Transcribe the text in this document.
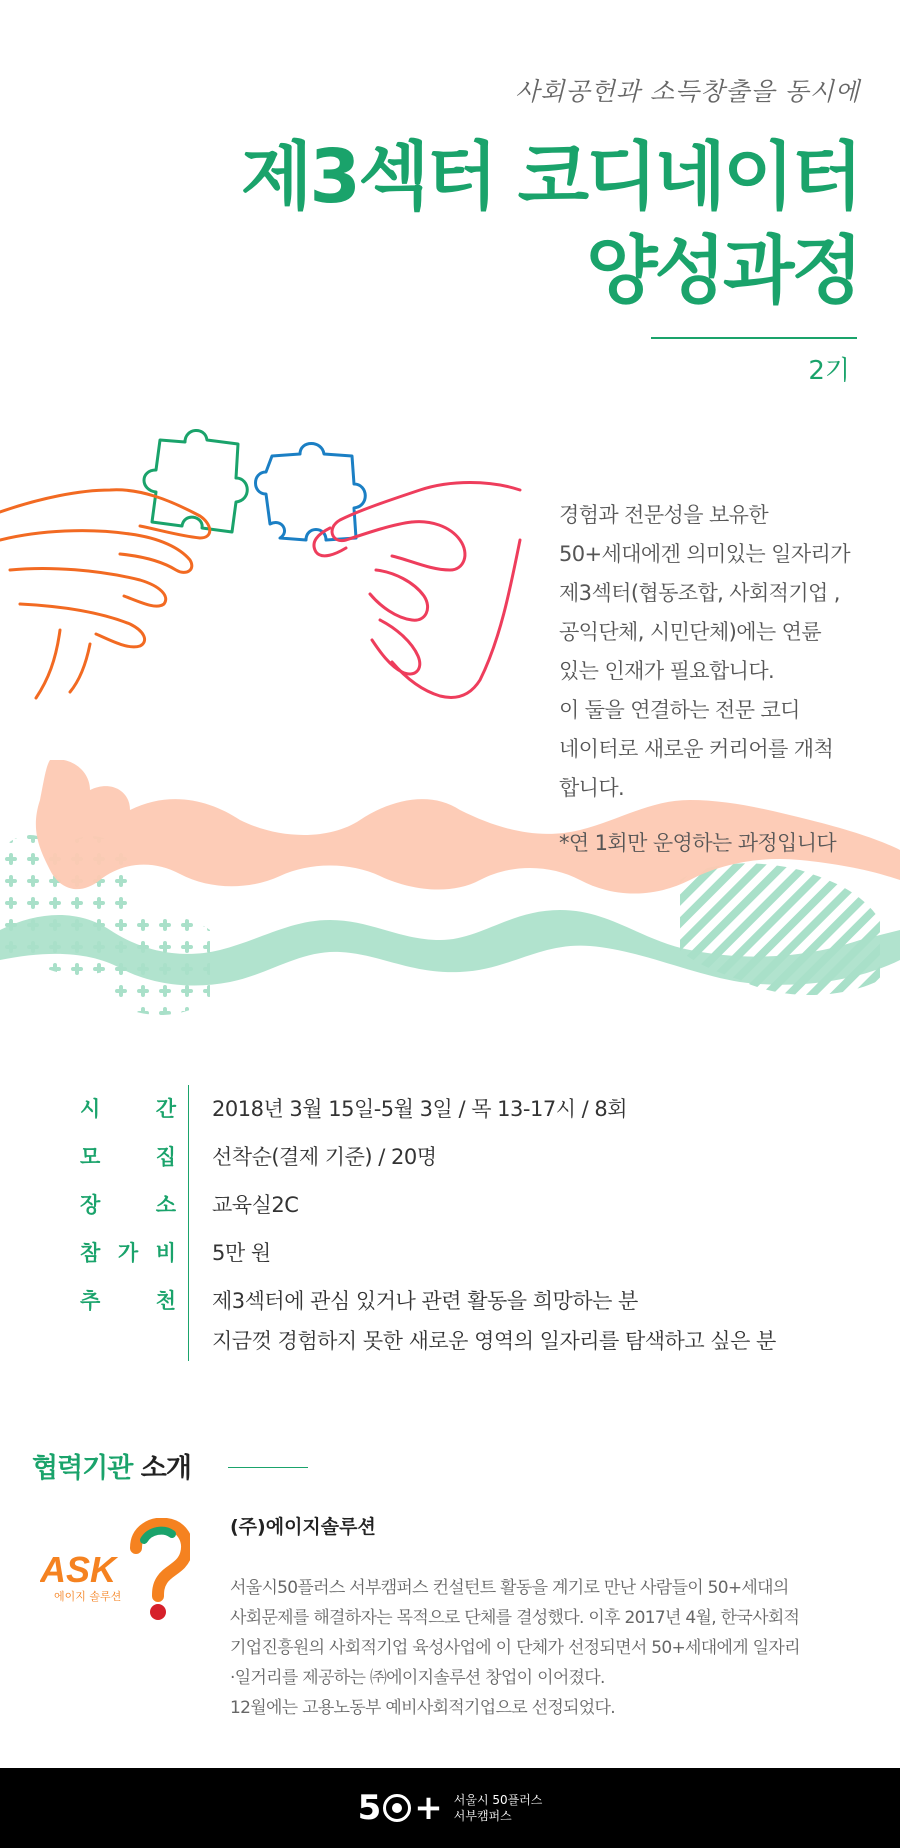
사회공헌과 소득창출을 동시에
제3섹터 코디네이터
양성과정
2기

경험과 전문성을 보유한

50+세대에겐 의미있는 일자리가

제3섹터(협동조합, 사회적기업 ,

공익단체, 시민단체)에는 연륜

있는 인재가 필요합니다.

이 둘을 연결하는 전문 코디

네이터로 새로운 커리어를 개척

합니다.

*연 1회만 운영하는 과정입니다

시	간 2018년 3월 15일-5월 3일 / 목 13-17시 / 8회
모	집 선착순(결제 기준) / 20명
장	소 교육실2C
참 가 비 5만 원
추	천 제3섹터에 관심 있거나 관련 활동을 희망하는 분
지금껏 경험하지 못한 새로운 영역의 일자리를 탐색하고 싶은 분
협력기관 소개
ASK
에이지 솔루션
(주)에이지솔루션
서울시50플러스 서부캠퍼스 컨설턴트 활동을 계기로 만난 사람들이 50+세대의
사회문제를 해결하자는 목적으로 단체를 결성했다. 이후 2017년 4월, 한국사회적
기업진흥원의 사회적기업 육성사업에 이 단체가 선정되면서 50+세대에게 일자리
·일거리를 제공하는 ㈜에이지솔루션 창업이 이어졌다.
12월에는 고용노동부 예비사회적기업으로 선정되었다.
5 + 서울시 50플러스
서부캠퍼스
